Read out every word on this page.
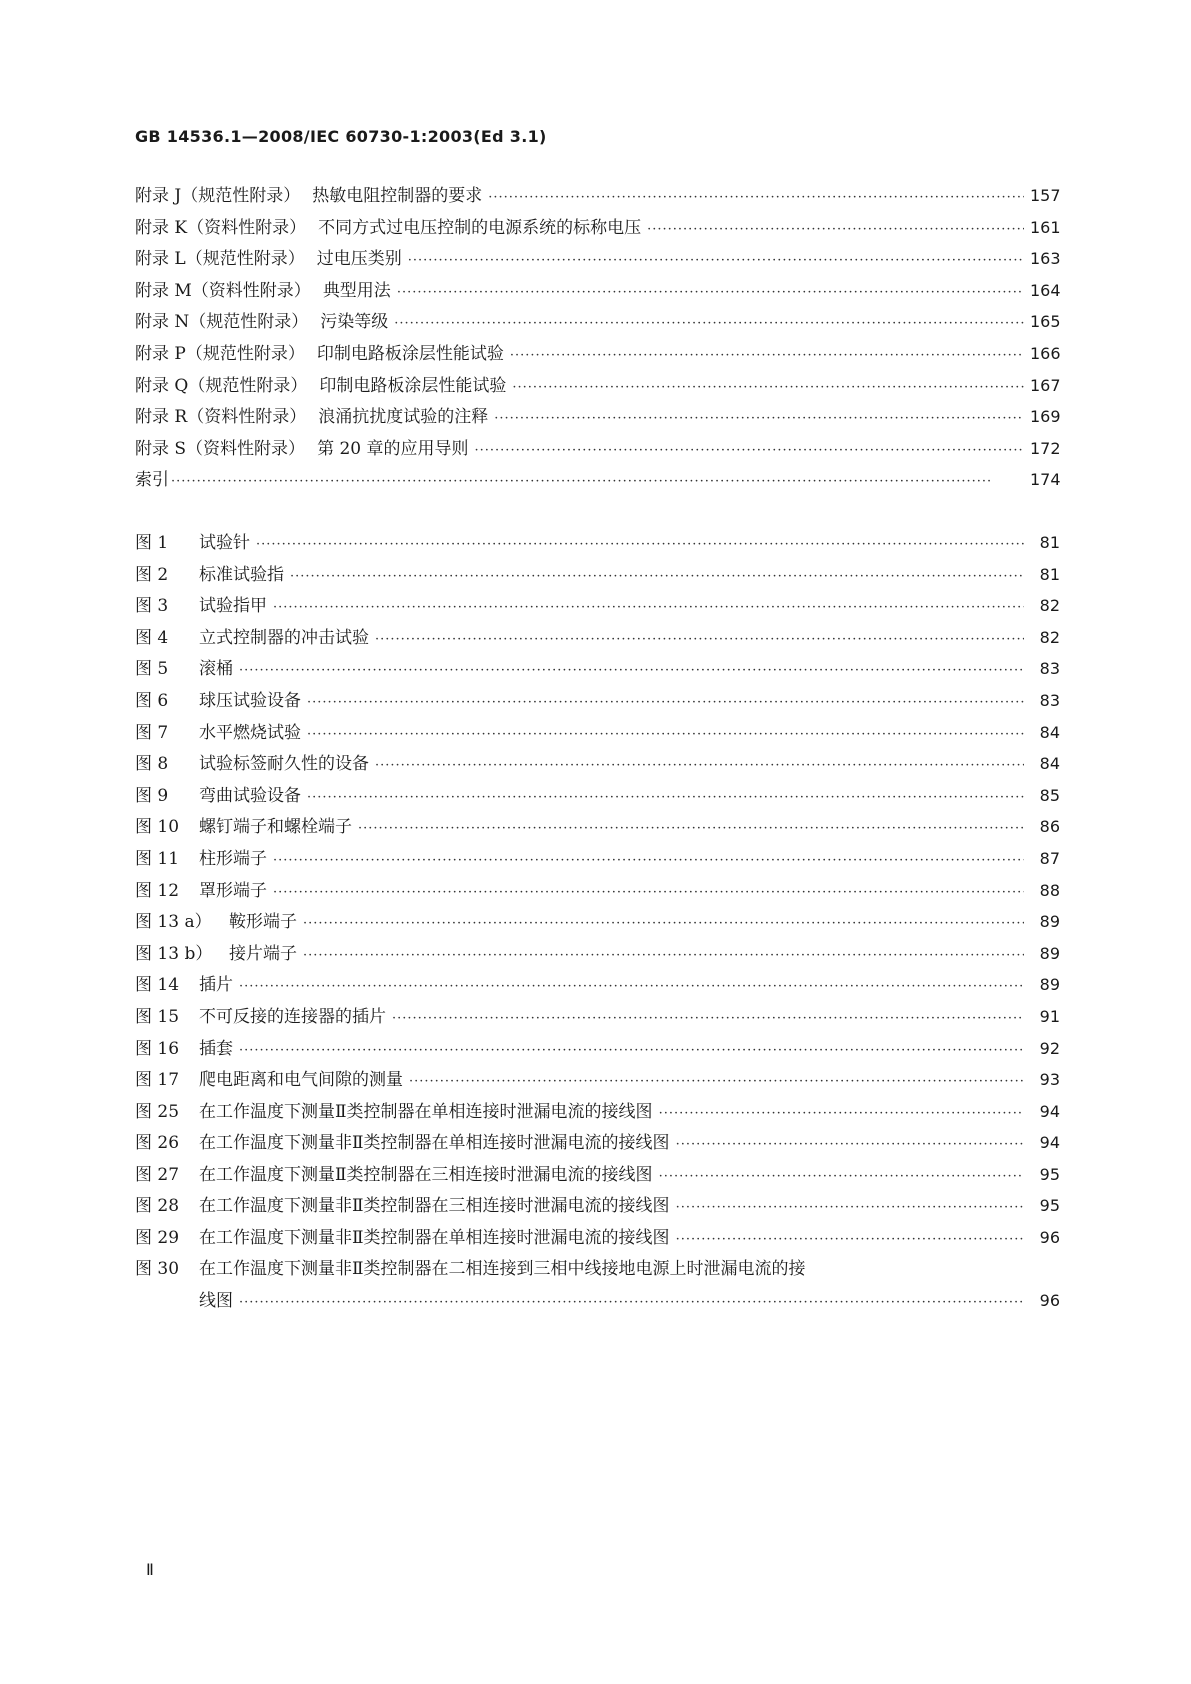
GB 14536.1—2008/IEC 60730-1:2003(Ed 3.1)
附录 J（规范性附录） 热敏电阻控制器的要求 ·····	157
附录 K（资料性附录） 不同方式过电压控制的电源系统的标称电压 ·····	161
附录 L（规范性附录） 过电压类别 ·····	163
附录 M（资料性附录） 典型用法 ·····	164
附录 N（规范性附录） 污染等级 ·····	165
附录 P（规范性附录） 印制电路板涂层性能试验 ·····	166
附录 Q（规范性附录） 印制电路板涂层性能试验 ·····	167
附录 R（资料性附录） 浪涌抗扰度试验的注释 ·····	169
附录 S（资料性附录） 第 20 章的应用导则 ·····	172
索引 ·····	174
图 1	试验针 ·····	81
图 2	标准试验指 ·····	81
图 3	试验指甲 ·····	82
图 4	立式控制器的冲击试验 ·····	82
图 5	滚桶 ·····	83
图 6	球压试验设备 ·····	83
图 7	水平燃烧试验 ·····	84
图 8	试验标签耐久性的设备 ·····	84
图 9	弯曲试验设备 ·····	85
图 10	螺钉端子和螺栓端子 ·····	86
图 11	柱形端子 ·····	87
图 12	罩形端子 ·····	88
图 13 a）	鞍形端子 ·····	89
图 13 b） 接片端子 ·····	89
图 14	插片 ·····	89
图 15	不可反接的连接器的插片 ·····	91
图 16	插套 ·····	92
图 17	爬电距离和电气间隙的测量 ·····	93
图 25	在工作温度下测量Ⅱ类控制器在单相连接时泄漏电流的接线图 ·····	94
图 26	在工作温度下测量非Ⅱ类控制器在单相连接时泄漏电流的接线图 ·····	94
图 27	在工作温度下测量Ⅱ类控制器在三相连接时泄漏电流的接线图 ·····	95
图 28	在工作温度下测量非Ⅱ类控制器在三相连接时泄漏电流的接线图 ·····	95
图 29	在工作温度下测量非Ⅱ类控制器在单相连接时泄漏电流的接线图 ·····	96
图 30	在工作温度下测量非Ⅱ类控制器在二相连接到三相中线接地电源上时泄漏电流的接
线图 ·····	96
Ⅱ
